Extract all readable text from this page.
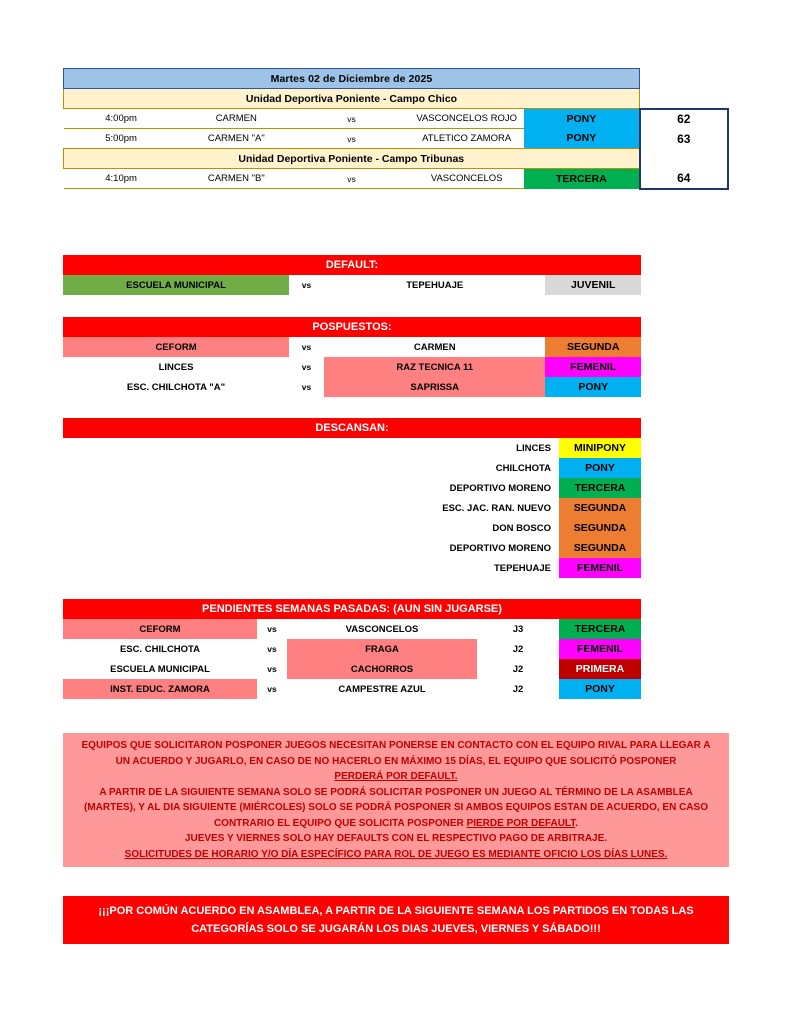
Martes 02 de Diciembre de 2025					
Unidad Deportiva Poniente - Campo Chico					
4:00pm	CARMEN	vs	VASCONCELOS ROJO	PONY	62
5:00pm	CARMEN "A"	vs	ATLETICO ZAMORA	PONY	63
Unidad Deportiva Poniente - Campo Tribunas					
4:10pm	CARMEN "B"	vs	VASCONCELOS	TERCERA	64
DEFAULT:
ESCUELA MUNICIPAL	vs	TEPEHUAJE	JUVENIL
POSPUESTOS:
CEFORM	vs	CARMEN	SEGUNDA
LINCES	vs	RAZ TECNICA 11	FEMENIL
ESC. CHILCHOTA "A"	vs	SAPRISSA	PONY
DESCANSAN:
LINCES	MINIPONY
CHILCHOTA	PONY
DEPORTIVO MORENO	TERCERA
ESC. JAC. RAN. NUEVO	SEGUNDA
DON BOSCO	SEGUNDA
DEPORTIVO MORENO	SEGUNDA
TEPEHUAJE	FEMENIL
PENDIENTES SEMANAS PASADAS: (AUN SIN JUGARSE)
CEFORM	vs	VASCONCELOS	J3	TERCERA
ESC. CHILCHOTA	vs	FRAGA	J2	FEMENIL
ESCUELA MUNICIPAL	vs	CACHORROS	J2	PRIMERA
INST. EDUC. ZAMORA	vs	CAMPESTRE AZUL	J2	PONY
EQUIPOS QUE SOLICITARON POSPONER JUEGOS NECESITAN PONERSE EN CONTACTO CON EL EQUIPO RIVAL PARA LLEGAR A
UN ACUERDO Y JUGARLO, EN CASO DE NO HACERLO EN MÁXIMO 15 DÍAS, EL EQUIPO QUE SOLICITÓ POSPONER
PERDERÁ POR DEFAULT.
A PARTIR DE LA SIGUIENTE SEMANA SOLO SE PODRÁ SOLICITAR POSPONER UN JUEGO AL TÉRMINO DE LA ASAMBLEA
(MARTES), Y AL DIA SIGUIENTE (MIÉRCOLES) SOLO SE PODRÁ POSPONER SI AMBOS EQUIPOS ESTAN DE ACUERDO, EN CASO
CONTRARIO EL EQUIPO QUE SOLICITA POSPONER PIERDE POR DEFAULT.
JUEVES Y VIERNES SOLO HAY DEFAULTS CON EL RESPECTIVO PAGO DE ARBITRAJE.
SOLICITUDES DE HORARIO Y/O DÍA ESPECÍFICO PARA ROL DE JUEGO ES MEDIANTE OFICIO LOS DÍAS LUNES.
¡¡¡POR COMÚN ACUERDO EN ASAMBLEA, A PARTIR DE LA SIGUIENTE SEMANA LOS PARTIDOS EN TODAS LAS CATEGORÍAS SOLO SE JUGARÁN LOS DIAS JUEVES, VIERNES Y SÁBADO!!!
